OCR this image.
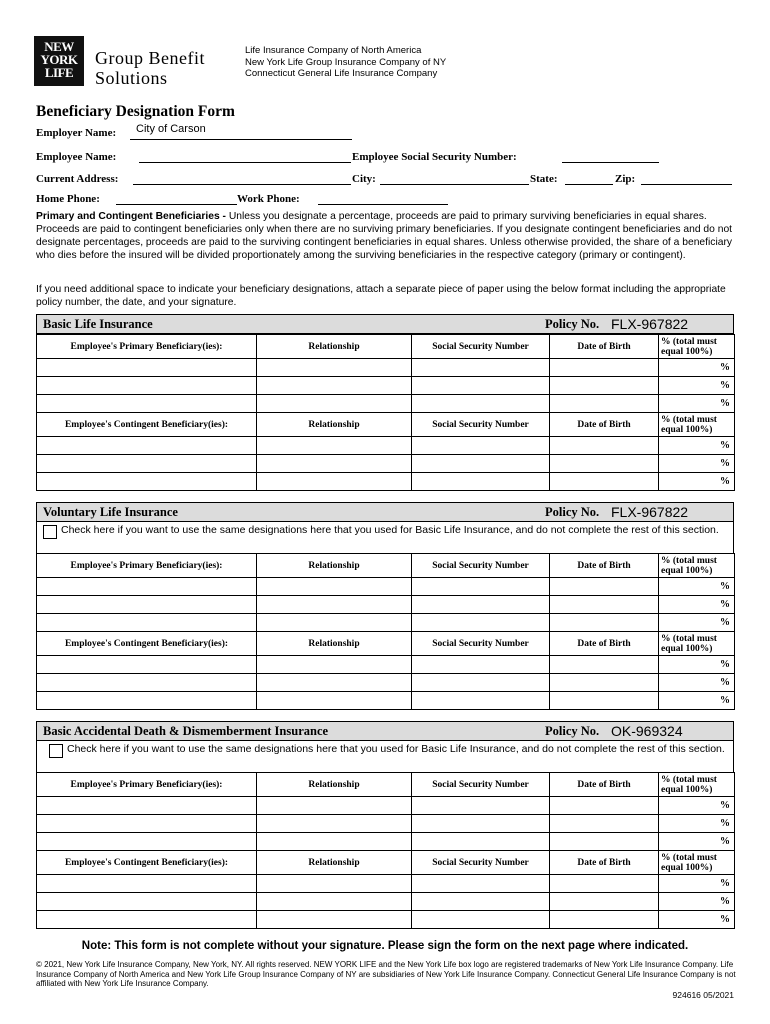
NEW
YORK
LIFE
Group Benefit
Solutions
Life Insurance Company of North America
New York Life Group Insurance Company of NY
Connecticut General Life Insurance Company
Beneficiary Designation Form
Employer Name: City of Carson
Employee Name:	Employee Social Security Number:
Current Address:	City:	State:	Zip:
Home Phone:	Work Phone:
Primary and Contingent Beneficiaries - Unless you designate a percentage, proceeds are paid to primary surviving beneficiaries in equal shares. Proceeds are paid to contingent beneficiaries only when there are no surviving primary beneficiaries. If you designate contingent beneficiaries and do not designate percentages, proceeds are paid to the surviving contingent beneficiaries in equal shares. Unless otherwise provided, the share of a beneficiary who dies before the insured will be divided proportionately among the surviving beneficiaries in the respective category (primary or contingent).
If you need additional space to indicate your beneficiary designations, attach a separate piece of paper using the below format including the appropriate policy number, the date, and your signature.
Basic Life Insurance	Policy No. FLX-967822
Employee's Primary Beneficiary(ies):	Relationship	Social Security Number	Date of Birth	% (total must equal 100%)
				%
				%
				%
Employee's Contingent Beneficiary(ies):	Relationship	Social Security Number	Date of Birth	% (total must equal 100%)
				%
				%
				%
Voluntary Life Insurance	Policy No. FLX-967822
Check here if you want to use the same designations here that you used for Basic Life Insurance, and do not complete the rest of this section.
Employee's Primary Beneficiary(ies):	Relationship	Social Security Number	Date of Birth	% (total must equal 100%)
				%
				%
				%
Employee's Contingent Beneficiary(ies):	Relationship	Social Security Number	Date of Birth	% (total must equal 100%)
				%
				%
				%
Basic Accidental Death & Dismemberment Insurance	Policy No. OK-969324
Check here if you want to use the same designations here that you used for Basic Life Insurance, and do not complete the rest of this section.
Employee's Primary Beneficiary(ies):	Relationship	Social Security Number	Date of Birth	% (total must equal 100%)
				%
				%
				%
Employee's Contingent Beneficiary(ies):	Relationship	Social Security Number	Date of Birth	% (total must equal 100%)
				%
				%
				%
Note: This form is not complete without your signature. Please sign the form on the next page where indicated.
© 2021, New York Life Insurance Company, New York, NY. All rights reserved. NEW YORK LIFE and the New York Life box logo are registered trademarks of New York Life Insurance Company. Life Insurance Company of North America and New York Life Group Insurance Company of NY are subsidiaries of New York Life Insurance Company. Connecticut General Life Insurance Company is not affiliated with New York Life Insurance Company.
924616 05/2021
